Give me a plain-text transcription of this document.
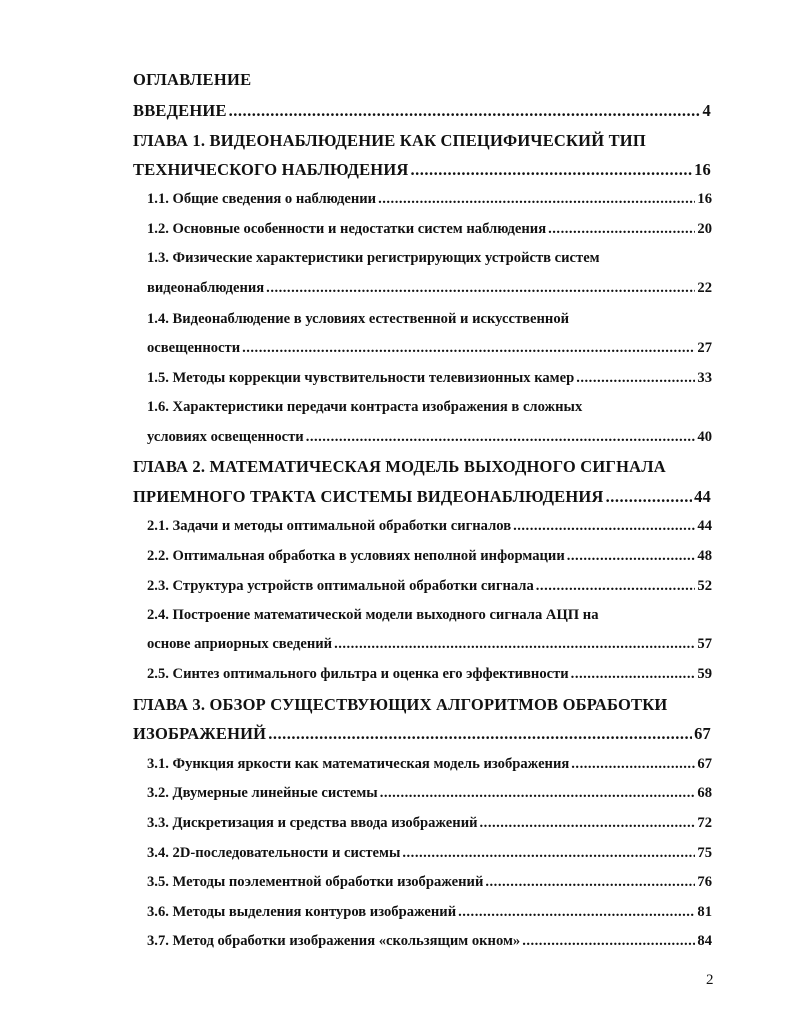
ОГЛАВЛЕНИЕ
ВВЕДЕНИЕ .....	4
ГЛАВА 1. ВИДЕОНАБЛЮДЕНИЕ КАК СПЕЦИФИЧЕСКИЙ ТИП
ТЕХНИЧЕСКОГО НАБЛЮДЕНИЯ .....	16
1.1. Общие сведения о наблюдении .....	16
1.2. Основные особенности и недостатки систем наблюдения .....	20
1.3. Физические характеристики регистрирующих устройств систем
видеонаблюдения .....	22
1.4. Видеонаблюдение в условиях естественной и искусственной
освещенности .....	27
1.5. Методы коррекции чувствительности телевизионных камер .....	33
1.6. Характеристики передачи контраста изображения в сложных
условиях освещенности .....	40
ГЛАВА 2. МАТЕМАТИЧЕСКАЯ МОДЕЛЬ ВЫХОДНОГО СИГНАЛА
ПРИЕМНОГО ТРАКТА СИСТЕМЫ ВИДЕОНАБЛЮДЕНИЯ .....	44
2.1. Задачи и методы оптимальной обработки сигналов .....	44
2.2. Оптимальная обработка в условиях неполной информации .....	48
2.3. Структура устройств оптимальной обработки сигнала .....	52
2.4. Построение математической модели выходного сигнала АЦП на
основе априорных сведений .....	57
2.5. Синтез оптимального фильтра и оценка его эффективности .....	59
ГЛАВА 3. ОБЗОР СУЩЕСТВУЮЩИХ АЛГОРИТМОВ ОБРАБОТКИ
ИЗОБРАЖЕНИЙ .....	67
3.1. Функция яркости как математическая модель изображения .....	67
3.2. Двумерные линейные системы .....	68
3.3. Дискретизация и средства ввода изображений .....	72
3.4. 2D-последовательности и системы .....	75
3.5. Методы поэлементной обработки изображений .....	76
3.6. Методы выделения контуров изображений .....	81
3.7. Метод обработки изображения «скользящим окном» .....	84
2
